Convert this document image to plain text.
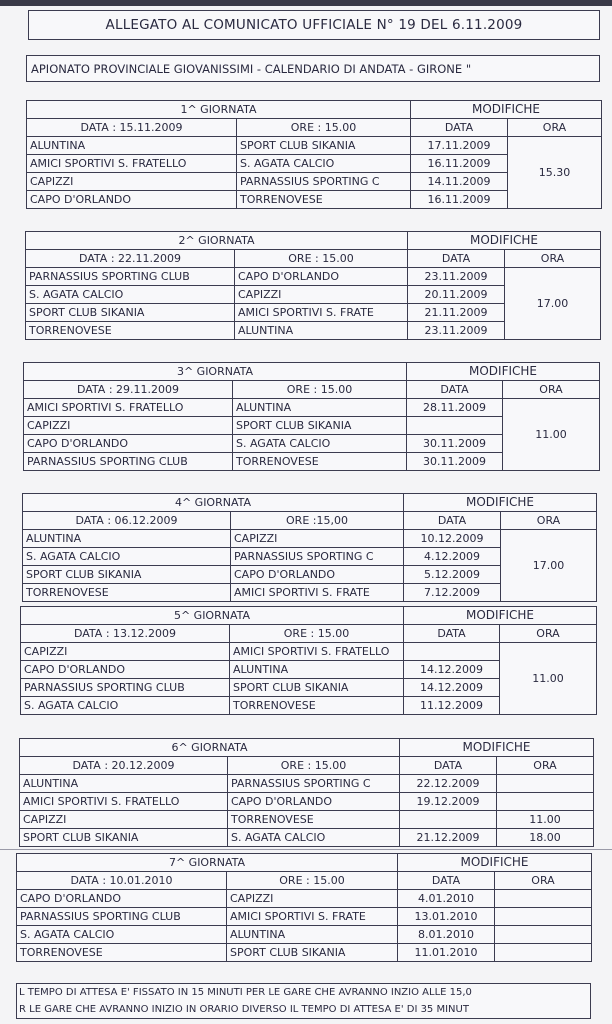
ALLEGATO AL COMUNICATO UFFICIALE N° 19 DEL 6.11.2009
APIONATO PROVINCIALE GIOVANISSIMI - CALENDARIO DI ANDATA - GIRONE "
1^ GIORNATA		MODIFICHE	
DATA : 15.11.2009	ORE : 15.00	DATA	ORA
ALUNTINA	SPORT CLUB SIKANIA	17.11.2009	15.30
AMICI SPORTIVI S. FRATELLO	S. AGATA CALCIO	16.11.2009	
CAPIZZI	PARNASSIUS SPORTING C	14.11.2009	
CAPO D'ORLANDO	TORRENOVESE	16.11.2009	
2^ GIORNATA		MODIFICHE	
DATA : 22.11.2009	ORE : 15.00	DATA	ORA
PARNASSIUS SPORTING CLUB	CAPO D'ORLANDO	23.11.2009	17.00
S. AGATA CALCIO	CAPIZZI	20.11.2009	
SPORT CLUB SIKANIA	AMICI SPORTIVI S. FRATE	21.11.2009	
TORRENOVESE	ALUNTINA	23.11.2009	
3^ GIORNATA		MODIFICHE	
DATA : 29.11.2009	ORE : 15.00	DATA	ORA
AMICI SPORTIVI S. FRATELLO	ALUNTINA	28.11.2009	11.00
CAPIZZI	SPORT CLUB SIKANIA		
CAPO D'ORLANDO	S. AGATA CALCIO	30.11.2009	
PARNASSIUS SPORTING CLUB	TORRENOVESE	30.11.2009	
4^ GIORNATA		MODIFICHE	
DATA : 06.12.2009	ORE :15,00	DATA	ORA
ALUNTINA	CAPIZZI	10.12.2009	17.00
S. AGATA CALCIO	PARNASSIUS SPORTING C	4.12.2009	
SPORT CLUB SIKANIA	CAPO D'ORLANDO	5.12.2009	
TORRENOVESE	AMICI SPORTIVI S. FRATE	7.12.2009	
5^ GIORNATA		MODIFICHE	
DATA : 13.12.2009	ORE : 15.00	DATA	ORA
CAPIZZI	AMICI SPORTIVI S. FRATELLO		11.00
CAPO D'ORLANDO	ALUNTINA	14.12.2009	
PARNASSIUS SPORTING CLUB	SPORT CLUB SIKANIA	14.12.2009	
S. AGATA CALCIO	TORRENOVESE	11.12.2009	
6^ GIORNATA		MODIFICHE	
DATA : 20.12.2009	ORE : 15.00	DATA	ORA
ALUNTINA	PARNASSIUS SPORTING C	22.12.2009	
AMICI SPORTIVI S. FRATELLO	CAPO D'ORLANDO	19.12.2009	
CAPIZZI	TORRENOVESE		11.00
SPORT CLUB SIKANIA	S. AGATA CALCIO	21.12.2009	18.00
7^ GIORNATA		MODIFICHE	
DATA : 10.01.2010	ORE : 15.00	DATA	ORA
CAPO D'ORLANDO	CAPIZZI	4.01.2010	
PARNASSIUS SPORTING CLUB	AMICI SPORTIVI S. FRATE	13.01.2010	
S. AGATA CALCIO	ALUNTINA	8.01.2010	
TORRENOVESE	SPORT CLUB SIKANIA	11.01.2010	
L TEMPO DI ATTESA E' FISSATO IN 15 MINUTI PER LE GARE CHE AVRANNO INZIO ALLE 15,0
R LE GARE CHE AVRANNO INIZIO IN ORARIO DIVERSO IL TEMPO DI ATTESA E' DI 35 MINUT
